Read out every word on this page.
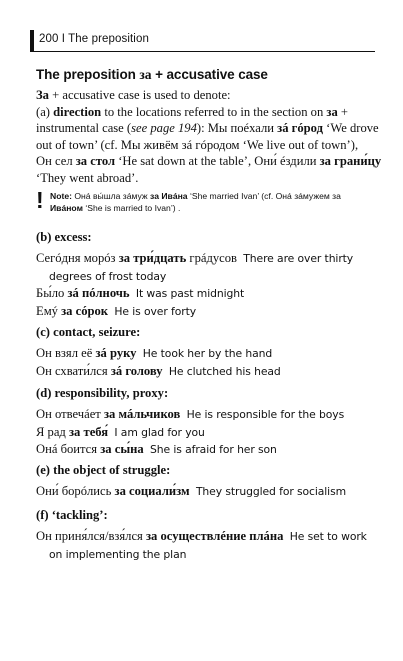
200 I The preposition
The preposition за + accusative case
За + accusative case is used to denote:
(a) direction to the locations referred to in the section on за +
instrumental case (see page 194): Мы поéхали зá гóрод ‘We drove
out of town’ (cf. Мы живём зá гóродом ‘We live out of town’),
Он сел за стол ‘He sat down at the table’, Они́ éздили за грани́цу
‘They went abroad’.
! Note: Онá вы́шла зáмуж за Ивáна ‘She married Ivan’ (cf. Онá зáмужем за
Ивáном ‘She is married to Ivan’) .
(b) excess:
Сегóдня морóз за три́дцать грáдусов There are over thirty
degrees of frost today
Бы́ло зá пóлночь It was past midnight
Емý за сóрок He is over forty
(c) contact, seizure:
Он взял её зá руку He took her by the hand
Он схвати́лся зá голову He clutched his head
(d) responsibility, proxy:
Он отвечáет за мáльчиков He is responsible for the boys
Я рад за тебя́ I am glad for you
Онá боится за сы́на She is afraid for her son
(e) the object of struggle:
Они́ борóлись за социали́зм They struggled for socialism
(f) ‘tackling’:
Он приня́лся/взя́лся за осуществлéние плáна He set to work
on implementing the plan
